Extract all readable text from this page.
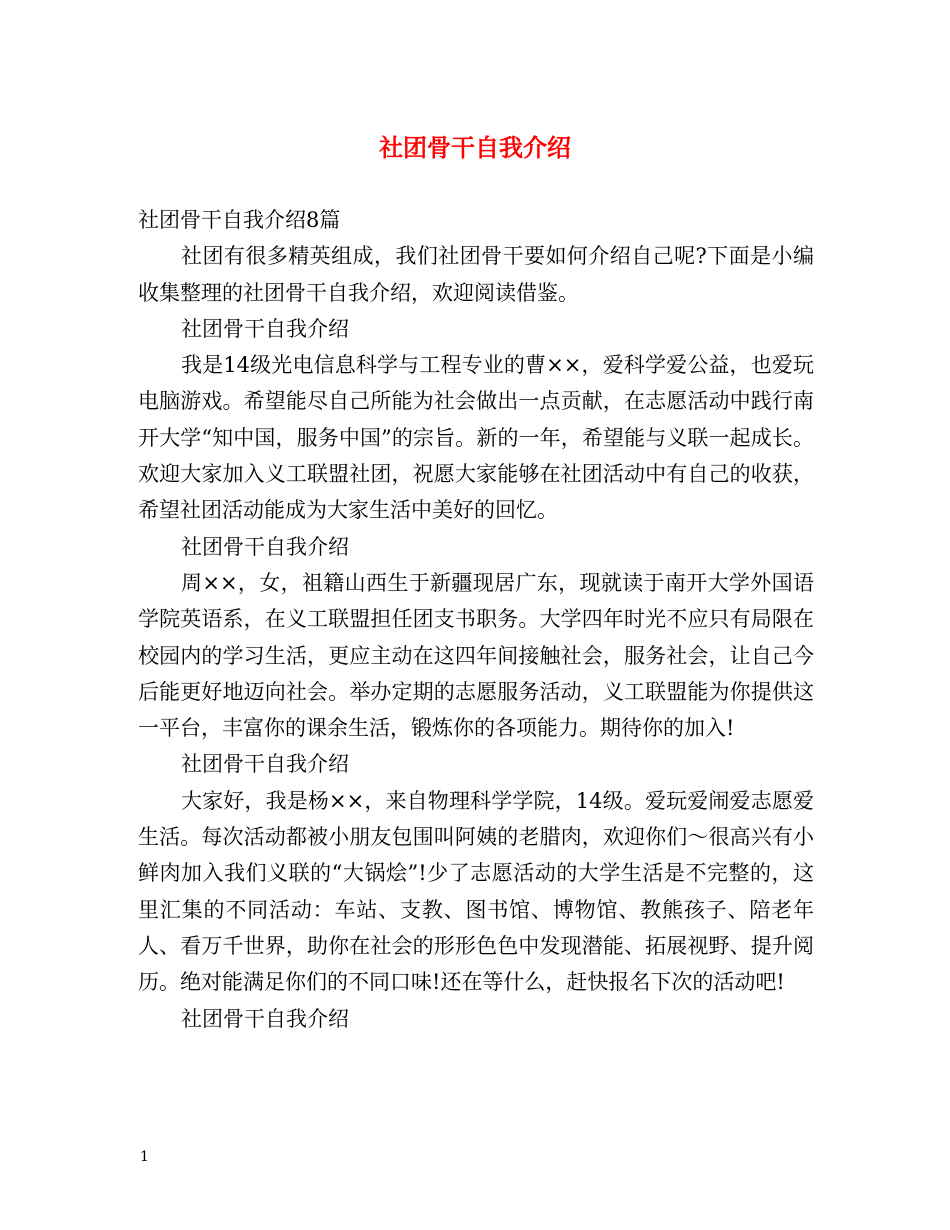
社团骨干自我介绍

社团骨干自我介绍8篇

社团有很多精英组成，我们社团骨干要如何介绍自己呢?下面是小编收集整理的社团骨干自我介绍，欢迎阅读借鉴。

社团骨干自我介绍

我是14级光电信息科学与工程专业的曹××，爱科学爱公益，也爱玩电脑游戏。希望能尽自己所能为社会做出一点贡献，在志愿活动中践行南开大学“知中国，服务中国”的宗旨。新的一年，希望能与义联一起成长。欢迎大家加入义工联盟社团，祝愿大家能够在社团活动中有自己的收获，希望社团活动能成为大家生活中美好的回忆。

社团骨干自我介绍

周××，女，祖籍山西生于新疆现居广东，现就读于南开大学外国语学院英语系，在义工联盟担任团支书职务。大学四年时光不应只有局限在校园内的学习生活，更应主动在这四年间接触社会，服务社会，让自己今后能更好地迈向社会。举办定期的志愿服务活动，义工联盟能为你提供这一平台，丰富你的课余生活，锻炼你的各项能力。期待你的加入!

社团骨干自我介绍

大家好，我是杨××，来自物理科学学院，14级。爱玩爱闹爱志愿爱生活。每次活动都被小朋友包围叫阿姨的老腊肉，欢迎你们～很高兴有小鲜肉加入我们义联的“大锅烩”!少了志愿活动的大学生活是不完整的，这里汇集的不同活动：车站、支教、图书馆、博物馆、教熊孩子、陪老年人、看万千世界，助你在社会的形形色色中发现潜能、拓展视野、提升阅历。绝对能满足你们的不同口味!还在等什么，赶快报名下次的活动吧!

社团骨干自我介绍

1
